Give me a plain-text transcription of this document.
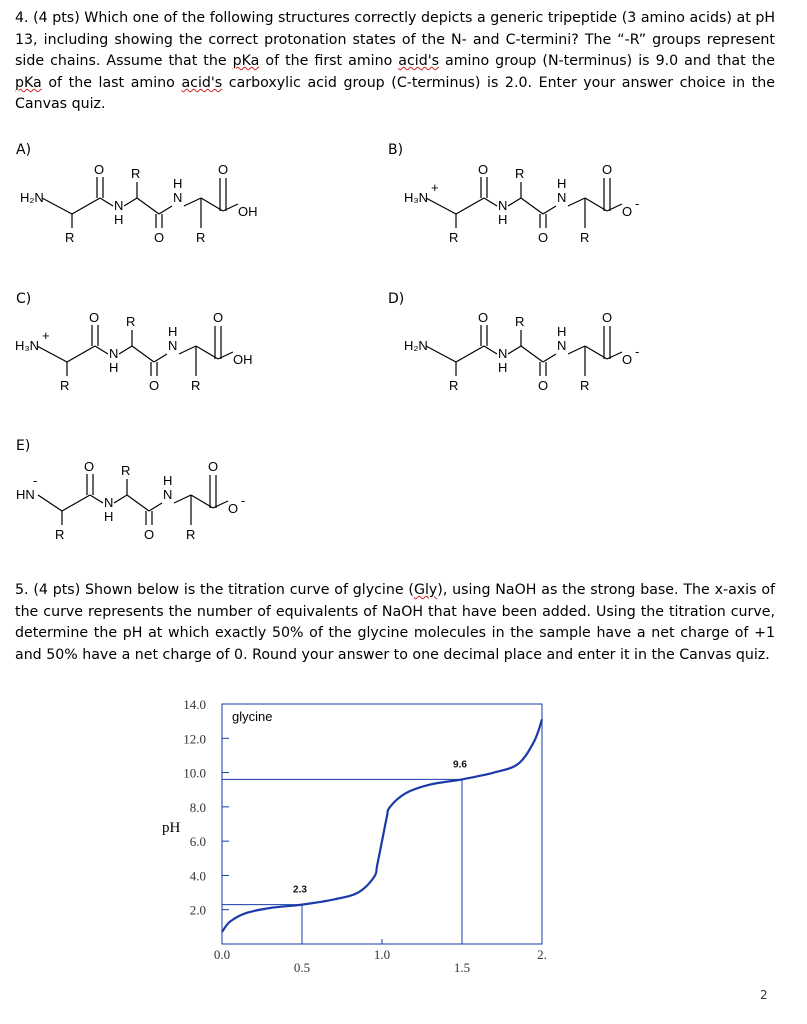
4. (4 pts) Which one of the following structures correctly depicts a generic tripeptide (3 amino acids) at pH 13, including showing the correct protonation states of the N- and C-termini? The “-R” groups represent side chains. Assume that the pKa of the first amino acid's amino group (N-terminus) is 9.0 and that the pKa of the last amino acid's carboxylic acid group (C-terminus) is 2.0. Enter your answer choice in the Canvas quiz.

A)	B)
C)	D)
E)
H₂N
O R
R
N
H
H
N
O R
O
OH
H₃N
+
O R
R
N
H
H
N
O R
O
O
-
H₃N
+
O R
R
N
H
H
N
O R
O
OH
H₂N
O R
R
N
H
H
N
O R
O
O
-
HN
-
O R
R
N
H
H
N
O R
O
O
-

5. (4 pts) Shown below is the titration curve of glycine (Gly), using NaOH as the strong base. The x-axis of the curve represents the number of equivalents of NaOH that have been added. Using the titration curve, determine the pH at which exactly 50% of the glycine molecules in the sample have a net charge of +1 and 50% have a net charge of 0. Round your answer to one decimal place and enter it in the Canvas quiz.

glycine
pH
14.0
12.0
10.0
8.0
6.0
4.0
2.0
0.0	1.0	2.
0.5	1.5
2.3
9.6
2
